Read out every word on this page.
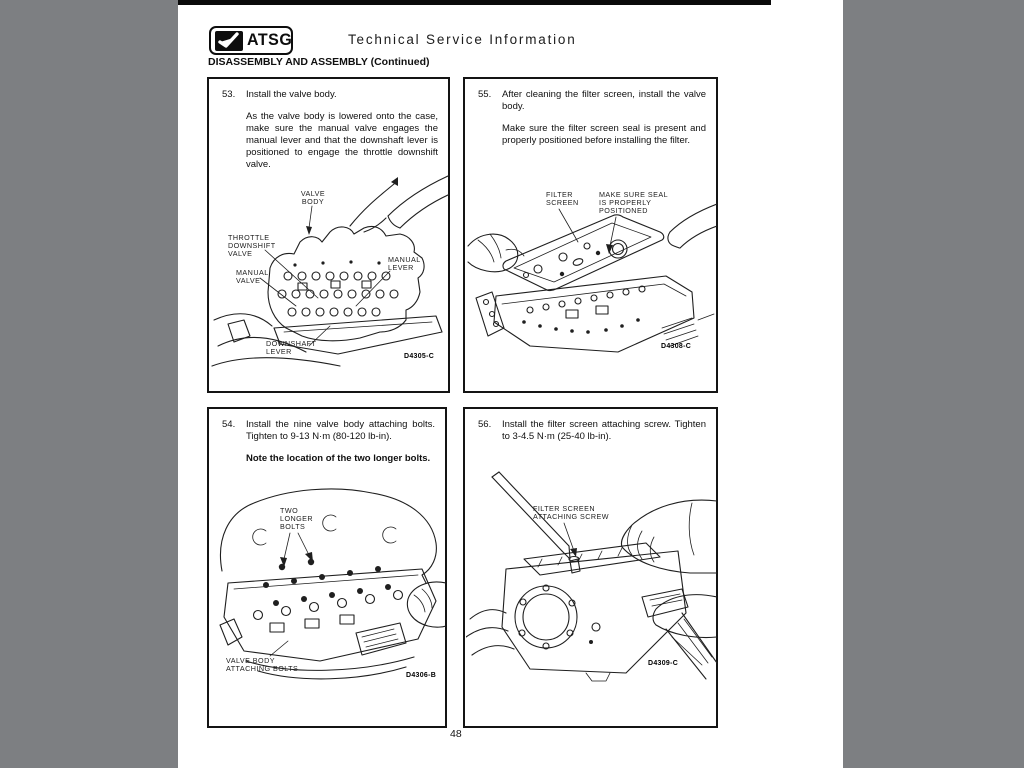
ATSG	Technical Service Information
DISASSEMBLY AND ASSEMBLY (Continued)
53.	Install the valve body.
As the valve body is lowered onto the case,
make sure the manual valve engages the
manual lever and that the downshaft lever is
positioned to engage the throttle downshift
valve.
VALVE
BODY
THROTTLE
DOWNSHIFT
VALVE
MANUAL
VALVE
MANUAL
LEVER
DOWNSHAFT
LEVER
D4305-C
55.	After cleaning the filter screen, install the valve
body.
Make sure the filter screen seal is present and
properly positioned before installing the filter.
FILTER
SCREEN
MAKE SURE SEAL
IS PROPERLY
POSITIONED
D4308-C
54.	Install the nine valve body attaching bolts.
Tighten to 9-13 N·m (80-120 lb-in).
Note the location of the two longer bolts.
TWO
LONGER
BOLTS
VALVE BODY
ATTACHING BOLTS
D4306-B
56.	Install the filter screen attaching screw. Tighten
to 3-4.5 N·m (25-40 lb-in).
FILTER SCREEN
ATTACHING SCREW
D4309-C
48
